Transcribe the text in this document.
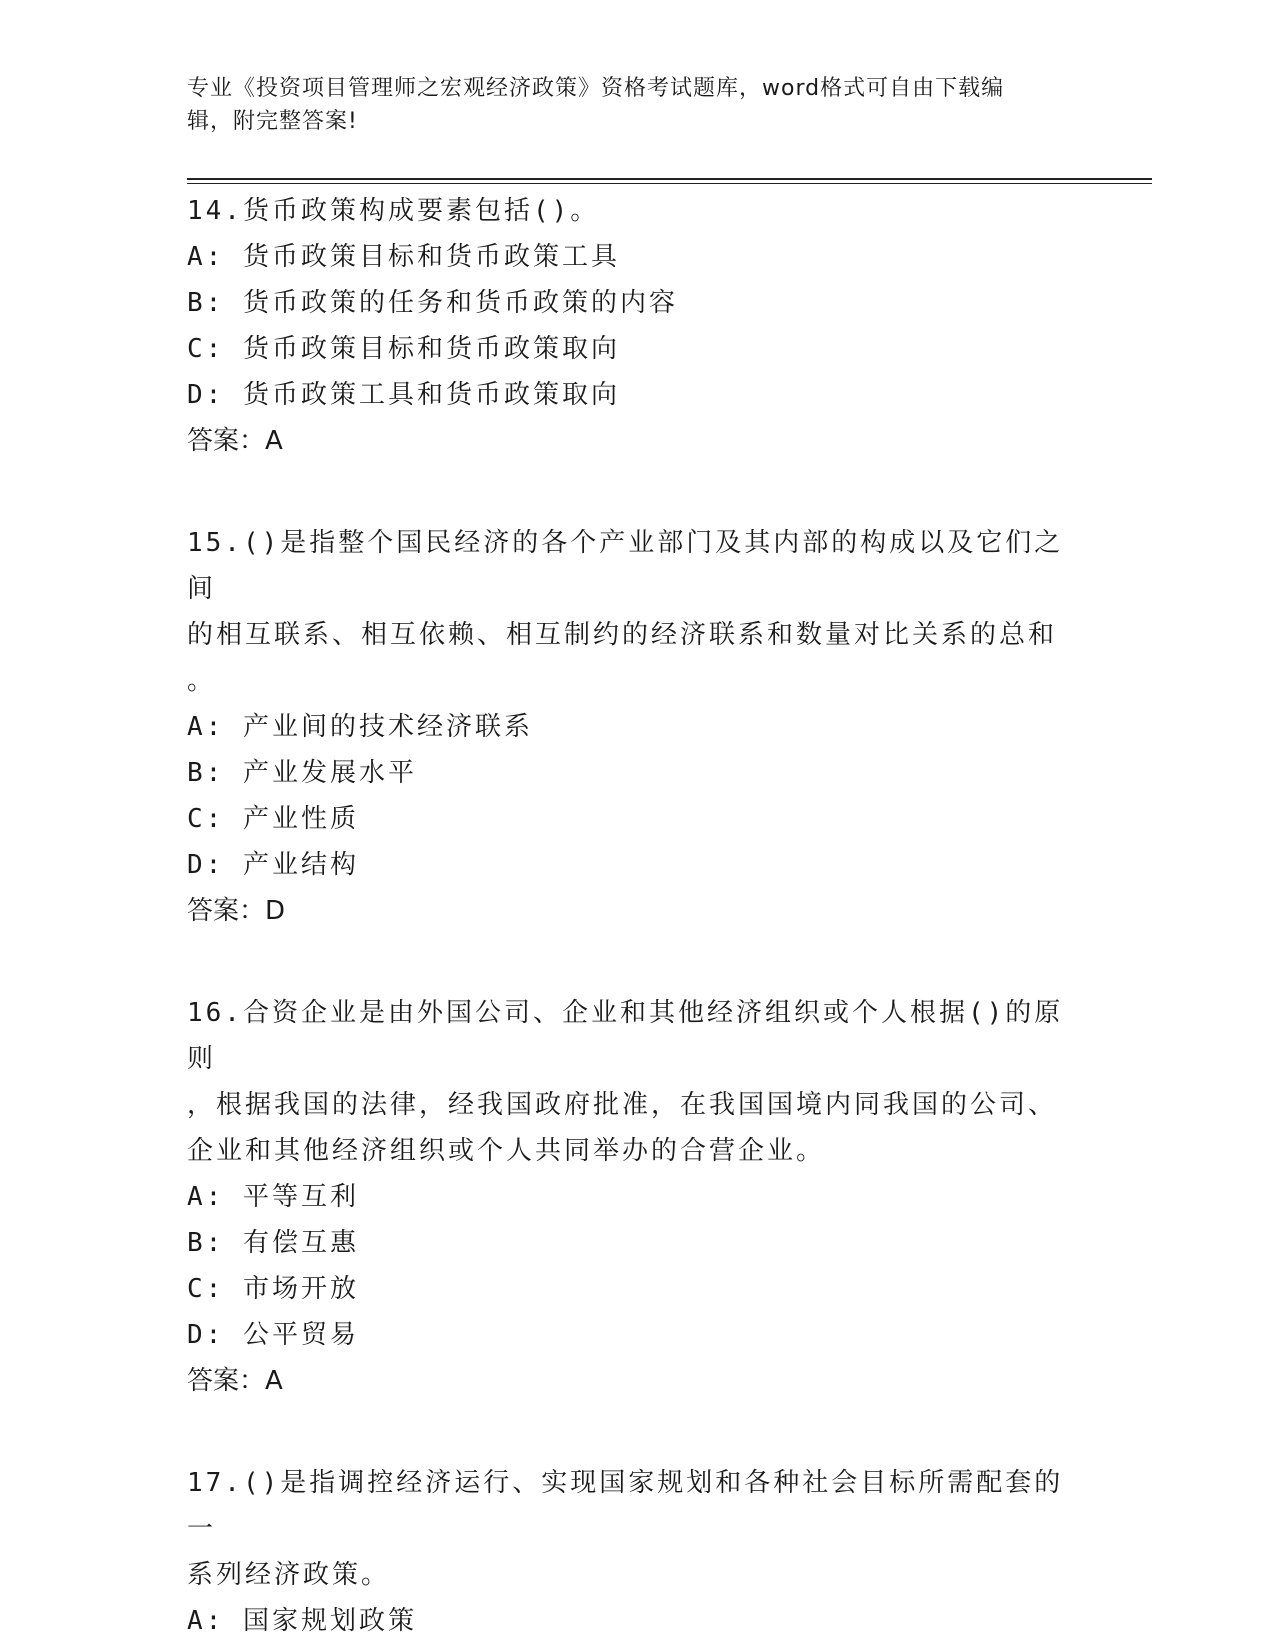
专业《投资项目管理师之宏观经济政策》资格考试题库，word格式可自由下载编
辑，附完整答案!
14.货币政策构成要素包括()。
A: 货币政策目标和货币政策工具
B: 货币政策的任务和货币政策的内容
C: 货币政策目标和货币政策取向
D: 货币政策工具和货币政策取向
答案：A
15.()是指整个国民经济的各个产业部门及其内部的构成以及它们之间
的相互联系、相互依赖、相互制约的经济联系和数量对比关系的总和
。
A: 产业间的技术经济联系
B: 产业发展水平
C: 产业性质
D: 产业结构
答案：D
16.合资企业是由外国公司、企业和其他经济组织或个人根据()的原则
，根据我国的法律，经我国政府批准，在我国国境内同我国的公司、
企业和其他经济组织或个人共同举办的合营企业。
A: 平等互利
B: 有偿互惠
C: 市场开放
D: 公平贸易
答案：A
17.()是指调控经济运行、实现国家规划和各种社会目标所需配套的一
系列经济政策。
A: 国家规划政策
